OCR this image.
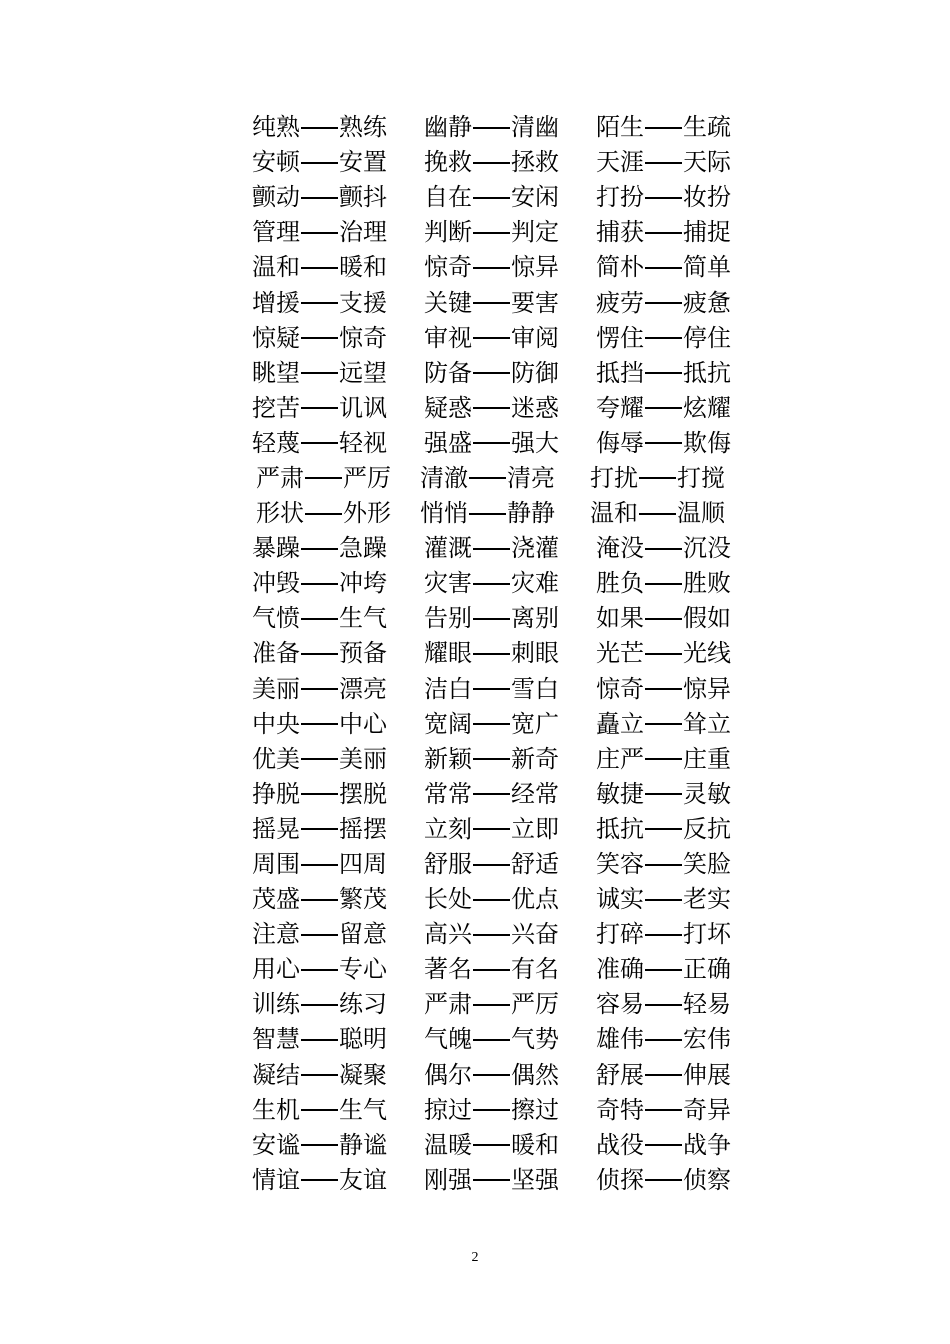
纯熟 熟练	幽静 清幽	陌生 生疏
安顿 安置	挽救 拯救	天涯 天际
颤动 颤抖	自在 安闲	打扮 妆扮
管理 治理	判断 判定	捕获 捕捉
温和 暖和	惊奇 惊异	简朴 简单
增援 支援	关键 要害	疲劳 疲惫
惊疑 惊奇	审视 审阅	愣住 停住
眺望 远望	防备 防御	抵挡 抵抗
挖苦 讥讽	疑惑 迷惑	夸耀 炫耀
轻蔑 轻视	强盛 强大	侮辱 欺侮
严肃 严厉	清澈 清亮	打扰 打搅
形状 外形	悄悄 静静	温和 温顺
暴躁 急躁	灌溉 浇灌	淹没 沉没
冲毁 冲垮	灾害 灾难	胜负 胜败
气愤 生气	告别 离别	如果 假如
准备 预备	耀眼 刺眼	光芒 光线
美丽 漂亮	洁白 雪白	惊奇 惊异
中央 中心	宽阔 宽广	矗立 耸立
优美 美丽	新颖 新奇	庄严 庄重
挣脱 摆脱	常常 经常	敏捷 灵敏
摇晃 摇摆	立刻 立即	抵抗 反抗
周围 四周	舒服 舒适	笑容 笑脸
茂盛 繁茂	长处 优点	诚实 老实
注意 留意	高兴 兴奋	打碎 打坏
用心 专心	著名 有名	准确 正确
训练 练习	严肃 严厉	容易 轻易
智慧 聪明	气魄 气势	雄伟 宏伟
凝结 凝聚	偶尔 偶然	舒展 伸展
生机 生气	掠过 擦过	奇特 奇异
安谧 静谧	温暖 暖和	战役 战争
情谊 友谊	刚强 坚强	侦探 侦察
2
